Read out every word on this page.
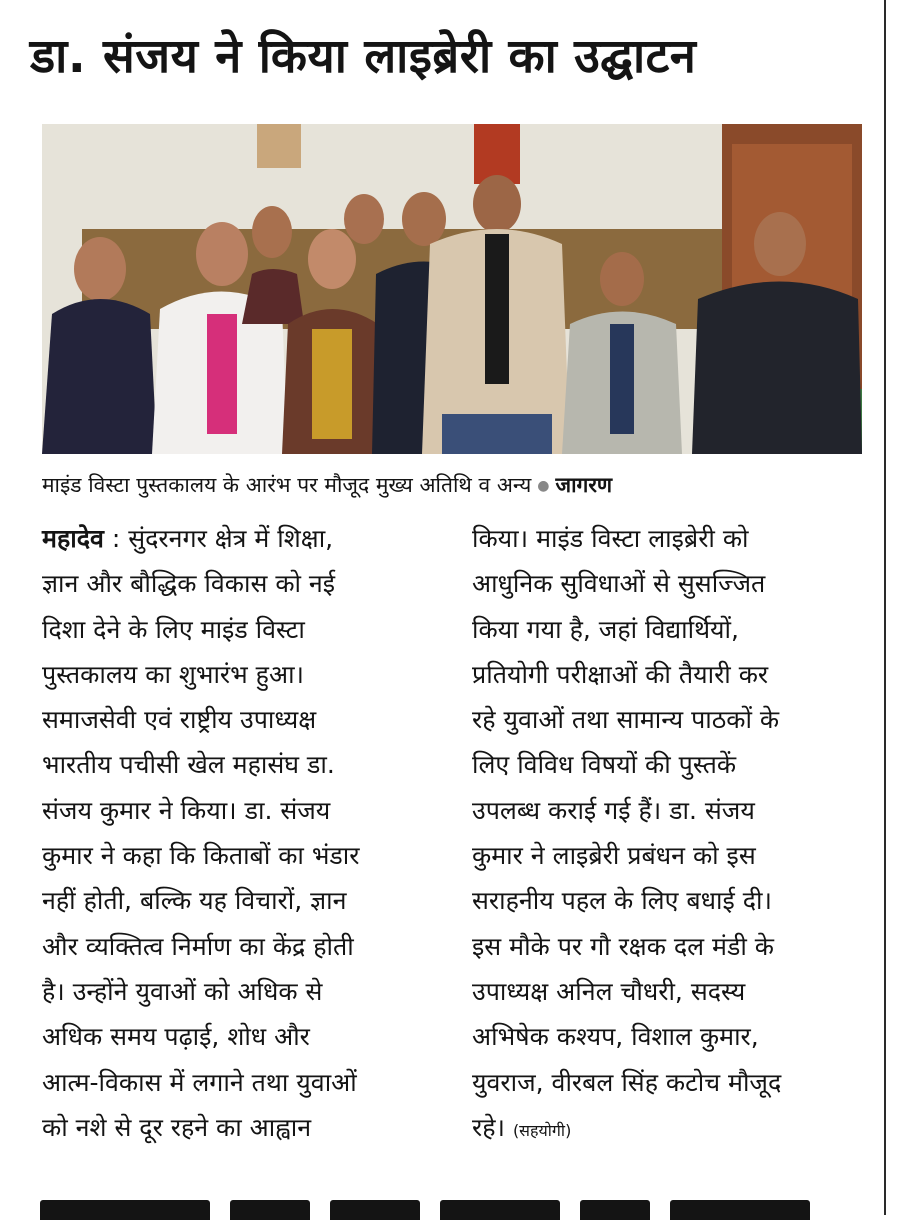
डा. संजय ने किया लाइब्रेरी का उद्घाटन
माइंड विस्टा पुस्तकालय के आरंभ पर मौजूद मुख्य अतिथि व अन्य ● जागरण
महादेव : सुंदरनगर क्षेत्र में शिक्षा,
ज्ञान और बौद्धिक विकास को नई
दिशा देने के लिए माइंड विस्टा
पुस्तकालय का शुभारंभ हुआ।
समाजसेवी एवं राष्ट्रीय उपाध्यक्ष
भारतीय पचीसी खेल महासंघ डा.
संजय कुमार ने किया। डा. संजय
कुमार ने कहा कि किताबों का भंडार
नहीं होती, बल्कि यह विचारों, ज्ञान
और व्यक्तित्व निर्माण का केंद्र होती
है। उन्होंने युवाओं को अधिक से
अधिक समय पढ़ाई, शोध और
आत्म-विकास में लगाने तथा युवाओं
को नशे से दूर रहने का आह्वान
किया। माइंड विस्टा लाइब्रेरी को
आधुनिक सुविधाओं से सुसज्जित
किया गया है, जहां विद्यार्थियों,
प्रतियोगी परीक्षाओं की तैयारी कर
रहे युवाओं तथा सामान्य पाठकों के
लिए विविध विषयों की पुस्तकें
उपलब्ध कराई गई हैं। डा. संजय
कुमार ने लाइब्रेरी प्रबंधन को इस
सराहनीय पहल के लिए बधाई दी।
इस मौके पर गौ रक्षक दल मंडी के
उपाध्यक्ष अनिल चौधरी, सदस्य
अभिषेक कश्यप, विशाल कुमार,
युवराज, वीरबल सिंह कटोच मौजूद
रहे। (सहयोगी)
